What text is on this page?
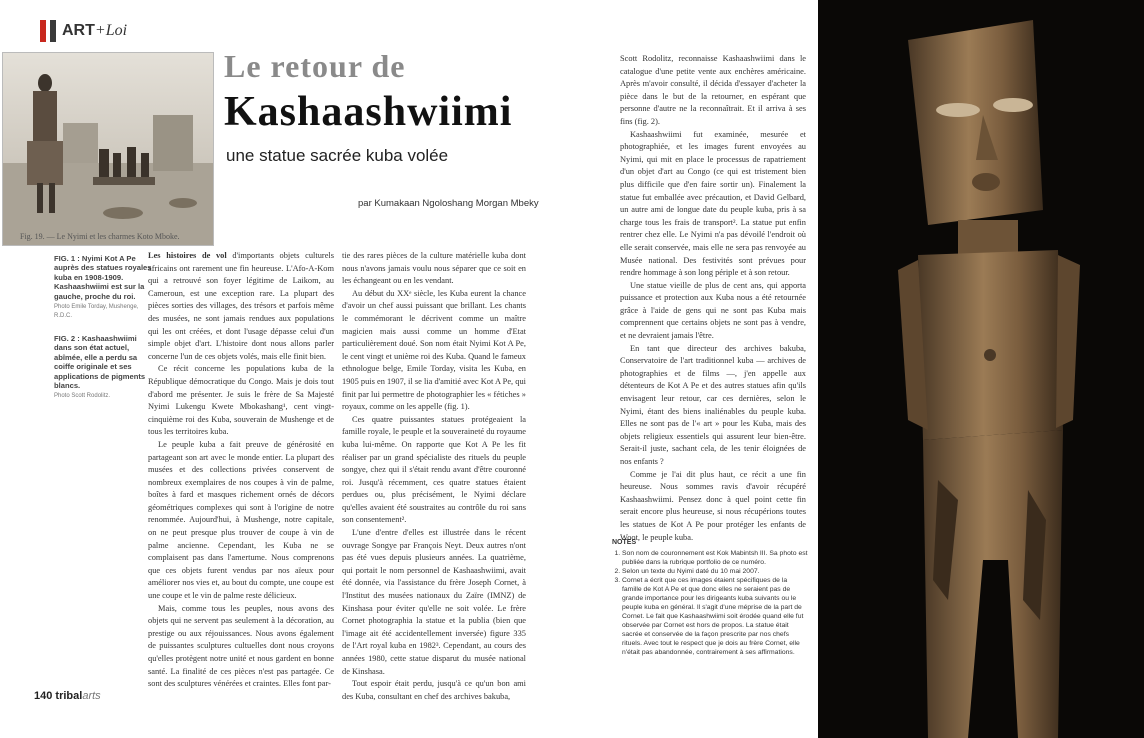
ART+Loi
Fig. 19. — Le Nyimi et les charmes Koto Mboke.
Le retour de
Kashaashwiimi
une statue sacrée kuba volée
par Kumakaan Ngoloshang Morgan Mbeky
FIG. 1 : Nyimi Kot A Pe auprès des statues royales kuba en 1908-1909. Kashaashwiimi est sur la gauche, proche du roi.
Photo Emile Torday, Mushenge, R.D.C.
FIG. 2 : Kashaashwiimi dans son état actuel, abîmée, elle a perdu sa coiffe originale et ses applications de pigments blancs.
Photo Scott Rodolitz.

Les histoires de vol d'importants objets culturels africains ont rarement une fin heureuse. L'Afo-A-Kom qui a retrouvé son foyer légitime de Laikom, au Cameroun, est une exception rare. La plupart des pièces sorties des villages, des trésors et parfois même des musées, ne sont jamais rendues aux populations qui les ont créées, et dont l'usage dépasse celui d'un simple objet d'art. L'histoire dont nous allons parler concerne l'un de ces objets volés, mais elle finit bien.

Ce récit concerne les populations kuba de la République démocratique du Congo. Mais je dois tout d'abord me présenter. Je suis le frère de Sa Majesté Nyimi Lukengu Kwete Mbokashang¹, cent vingt-cinquième roi des Kuba, souverain de Mushenge et de tous les territoires kuba.

Le peuple kuba a fait preuve de générosité en partageant son art avec le monde entier. La plupart des musées et des collections privées conservent de nombreux exemplaires de nos coupes à vin de palme, boîtes à fard et masques richement ornés de décors géométriques complexes qui sont à l'origine de notre renommée. Aujourd'hui, à Mushenge, notre capitale, on ne peut presque plus trouver de coupe à vin de palme ancienne. Cependant, les Kuba ne se complaisent pas dans l'amertume. Nous comprenons que ces objets furent vendus par nos aïeux pour améliorer nos vies et, au bout du compte, une coupe est une coupe et le vin de palme reste délicieux.

Mais, comme tous les peuples, nous avons des objets qui ne servent pas seulement à la décoration, au prestige ou aux réjouissances. Nous avons également de puissantes sculptures cultuelles dont nous croyons qu'elles protègent notre unité et nous gardent en bonne santé. La finalité de ces pièces n'est pas partagée. Ce sont des sculptures vénérées et craintes. Elles font par-

tie des rares pièces de la culture matérielle kuba dont nous n'avons jamais voulu nous séparer que ce soit en les échangeant ou en les vendant.

Au début du XXᵉ siècle, les Kuba eurent la chance d'avoir un chef aussi puissant que brillant. Les chants le commémorant le décrivent comme un maître magicien mais aussi comme un homme d'Etat particulièrement doué. Son nom était Nyimi Kot A Pe, le cent vingt et unième roi des Kuba. Quand le fameux ethnologue belge, Emile Torday, visita les Kuba, en 1905 puis en 1907, il se lia d'amitié avec Kot A Pe, qui finit par lui permettre de photographier les « fétiches » royaux, comme on les appelle (fig. 1).

Ces quatre puissantes statues protégeaient la famille royale, le peuple et la souveraineté du royaume kuba lui-même. On rapporte que Kot A Pe les fit réaliser par un grand spécialiste des rituels du peuple songye, chez qui il s'était rendu avant d'être couronné roi. Jusqu'à récemment, ces quatre statues étaient perdues ou, plus précisément, le Nyimi déclare qu'elles avaient été soustraites au contrôle du roi sans son consentement².

L'une d'entre d'elles est illustrée dans le récent ouvrage Songye par François Neyt. Deux autres n'ont pas été vues depuis plusieurs années. La quatrième, qui portait le nom personnel de Kashaashwiimi, avait été donnée, via l'assistance du frère Joseph Cornet, à l'Institut des musées nationaux du Zaïre (IMNZ) de Kinshasa pour éviter qu'elle ne soit volée. Le frère Cornet photographia la statue et la publia (bien que l'image ait été accidentellement inversée) figure 335 de l'Art royal kuba en 1982³. Cependant, au cours des années 1980, cette statue disparut du musée national de Kinshasa.

Tout espoir était perdu, jusqu'à ce qu'un bon ami des Kuba, consultant en chef des archives bakuba,

140 tribalarts

Scott Rodolitz, reconnaisse Kashaashwiimi dans le catalogue d'une petite vente aux enchères américaine. Après m'avoir consulté, il décida d'essayer d'acheter la pièce dans le but de la retourner, en espérant que personne d'autre ne la reconnaîtrait. Et il arriva à ses fins (fig. 2).

Kashaashwiimi fut examinée, mesurée et photographiée, et les images furent envoyées au Nyimi, qui mit en place le processus de rapatriement d'un objet d'art au Congo (ce qui est tristement bien plus difficile que d'en faire sortir un). Finalement la statue fut emballée avec précaution, et David Gelbard, un autre ami de longue date du peuple kuba, pris à sa charge tous les frais de transport². La statue put enfin rentrer chez elle. Le Nyimi n'a pas dévoilé l'endroit où elle serait conservée, mais elle ne sera pas renvoyée au Musée national. Des festivités sont prévues pour rendre hommage à son long périple et à son retour.

Une statue vieille de plus de cent ans, qui apporta puissance et protection aux Kuba nous a été retournée grâce à l'aide de gens qui ne sont pas Kuba mais comprennent que certains objets ne sont pas à vendre, et ne devraient jamais l'être.

En tant que directeur des archives bakuba, Conservatoire de l'art traditionnel kuba — archives de photographies et de films —, j'en appelle aux détenteurs de Kot A Pe et des autres statues afin qu'ils envisagent leur retour, car ces dernières, selon le Nyimi, étant des biens inaliénables du peuple kuba. Elles ne sont pas de l'« art » pour les Kuba, mais des objets religieux essentiels qui assurent leur bien-être. Serait-il juste, sachant cela, de les tenir éloignées de nos enfants ?

Comme je l'ai dit plus haut, ce récit a une fin heureuse. Nous sommes ravis d'avoir récupéré Kashaashwiimi. Pensez donc à quel point cette fin serait encore plus heureuse, si nous récupérions toutes les statues de Kot A Pe pour protéger les enfants de Woot, le peuple kuba.

NOTES
1. Son nom de couronnement est Kok Mabintsh III. Sa photo est publiée dans la rubrique portfolio de ce numéro.
2. Selon un texte du Nyimi daté du 10 mai 2007.
3. Cornet a écrit que ces images étaient spécifiques de la famille de Kot A Pe et que donc elles ne seraient pas de grande importance pour les dirigeants kuba suivants ou le peuple kuba en général. Il s'agit d'une méprise de la part de Cornet. Le fait que Kashaashwiimi soit érodée quand elle fut observée par Cornet est hors de propos. La statue était sacrée et conservée de la façon prescrite par nos chefs rituels. Avec tout le respect que je dois au frère Cornet, elle n'était pas abandonnée, contrairement à ses affirmations.
